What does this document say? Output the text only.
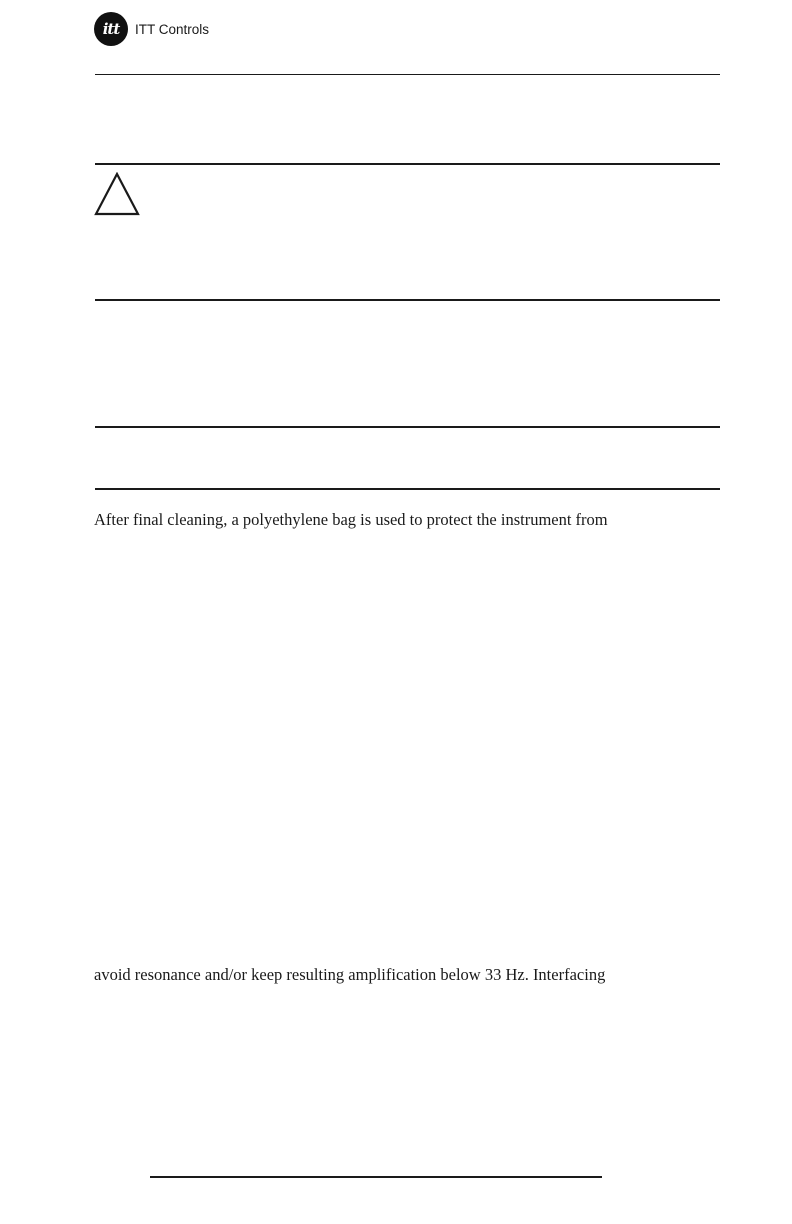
itt	ITT Controls
After final cleaning, a polyethylene bag is used to protect the instrument from
avoid resonance and/or keep resulting amplification below 33 Hz. Interfacing
